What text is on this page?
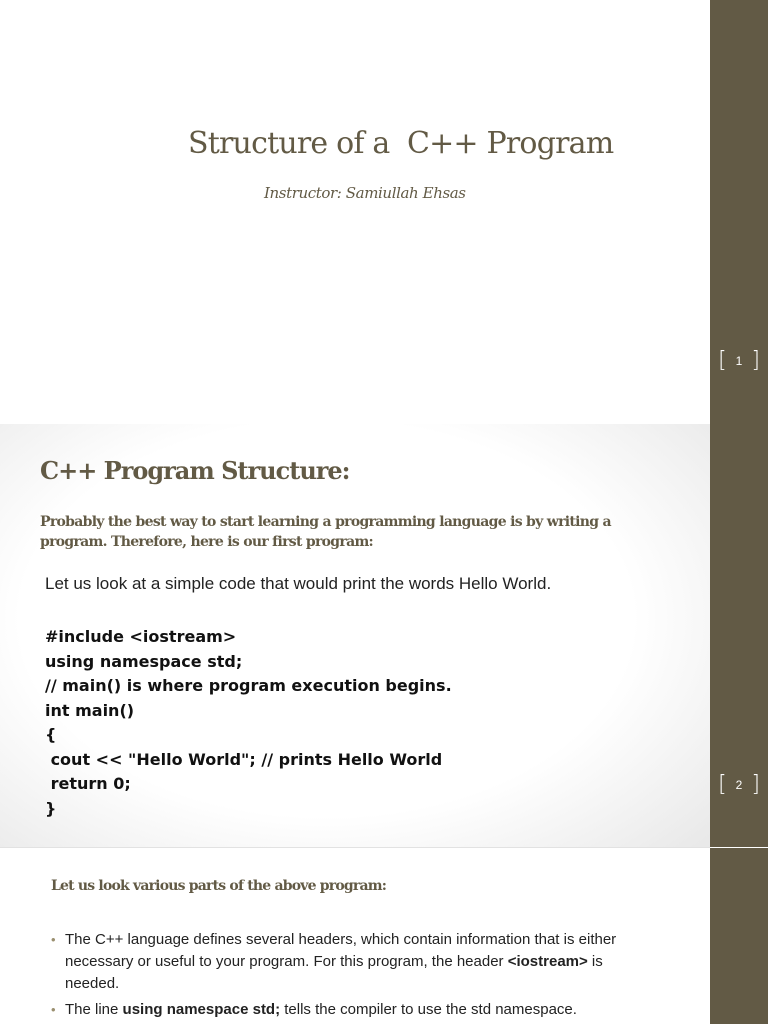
Structure of a  C++ Program
Instructor: Samiullah Ehsas
[ 1 ]
C++ Program Structure:
Probably the best way to start learning a programming language is by writing a program. Therefore, here is our first program:
Let us look at a simple code that would print the words Hello World.
#include <iostream>
using namespace std;
// main() is where program execution begins.
int main()
{
cout << "Hello World"; // prints Hello World
return 0;
}
[ 2 ]
Let us look various parts of the above program:
• The C++ language defines several headers, which contain information that is either necessary or useful to your program. For this program, the header <iostream> is needed.
• The line using namespace std; tells the compiler to use the std namespace.
